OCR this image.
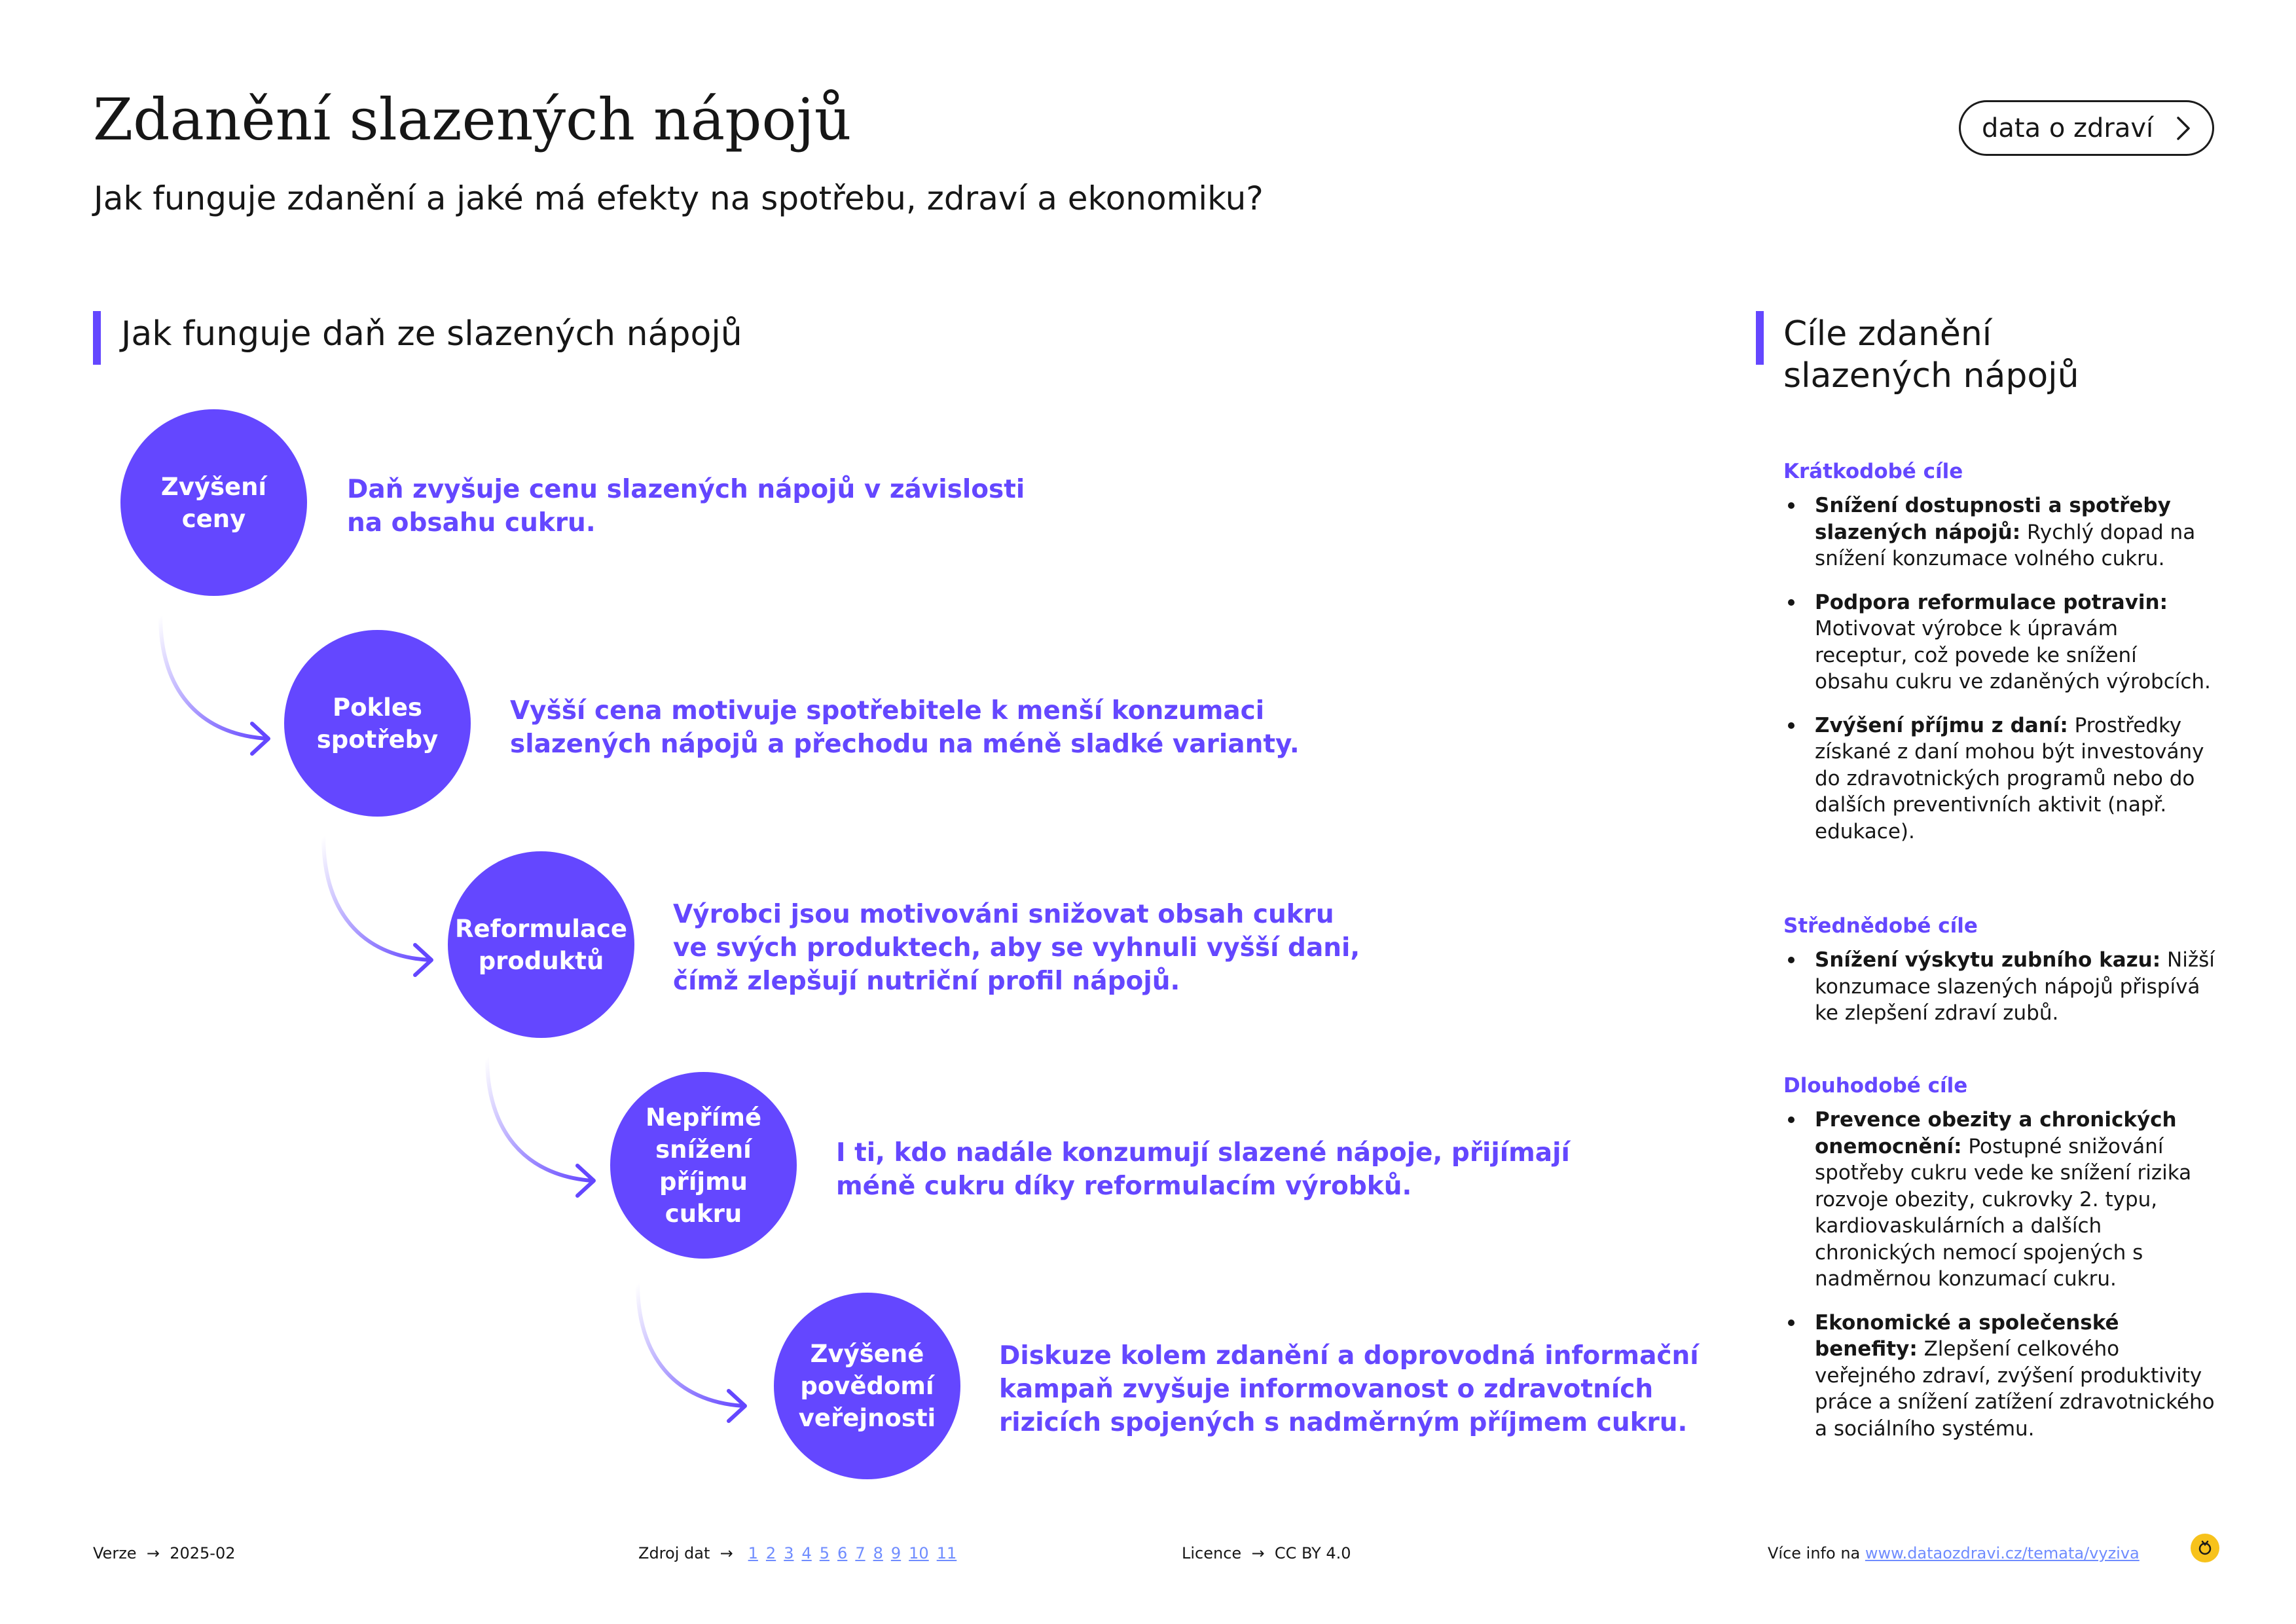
Zdanění slazených nápojů

Jak funguje zdanění a jaké má efekty na spotřebu, zdraví a ekonomiku?

data o zdraví
Jak funguje daň ze slazených nápojů
Zvýšení
ceny
Daň zvyšuje cenu slazených nápojů v závislosti
na obsahu cukru.
Pokles
spotřeby
Vyšší cena motivuje spotřebitele k menší konzumaci
slazených nápojů a přechodu na méně sladké varianty.
Reformulace
produktů
Výrobci jsou motivováni snižovat obsah cukru
ve svých produktech, aby se vyhnuli vyšší dani,
čímž zlepšují nutriční profil nápojů.
Nepřímé
snížení
příjmu
cukru
I ti, kdo nadále konzumují slazené nápoje, přijímají
méně cukru díky reformulacím výrobků.
Zvýšené
povědomí
veřejnosti
Diskuze kolem zdanění a doprovodná informační
kampaň zvyšuje informovanost o zdravotních
rizicích spojených s nadměrným příjmem cukru.
Cíle zdanění
slazených nápojů
Krátkodobé cíle
Snížení dostupnosti a spotřeby slazených nápojů: Rychlý dopad na snížení konzumace volného cukru.
Podpora reformulace potravin: Motivovat výrobce k úpravám receptur, což povede ke snížení obsahu cukru ve zdaněných výrobcích.
Zvýšení příjmu z daní: Prostředky získané z daní mohou být investovány do zdravotnických programů nebo do dalších preventivních aktivit (např. edukace).
Střednědobé cíle
Snížení výskytu zubního kazu: Nižší konzumace slazených nápojů přispívá ke zlepšení zdraví zubů.
Dlouhodobé cíle
Prevence obezity a chronických onemocnění: Postupné snižování spotřeby cukru vede ke snížení rizika rozvoje obezity, cukrovky 2. typu, kardiovaskulárních a dalších chronických nemocí spojených s nadměrnou konzumací cukru.
Ekonomické a společenské benefity: Zlepšení celkového veřejného zdraví, zvýšení produktivity práce a snížení zatížení zdravotnického a sociálního systému.
Verze → 2025-02	Zdroj dat → 1 2 3 4 5 6 7 8 9 10 11	Licence → CC BY 4.0	Více info na www.dataozdravi.cz/temata/vyziva
